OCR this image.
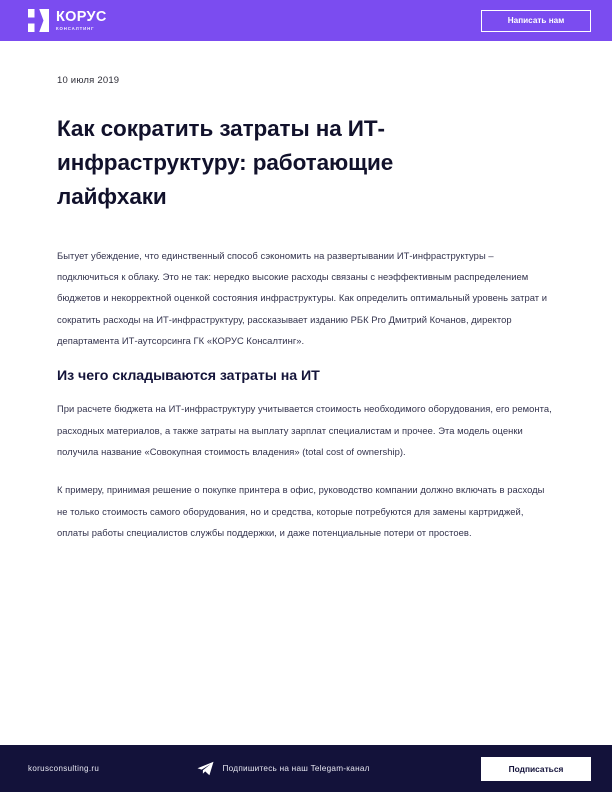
КОРУС
КОНСАЛТИНГ
Написать нам

10 июля 2019

Как сократить затраты на ИТ-инфраструктуру: работающие лайфхаки

Бытует убеждение, что единственный способ сэкономить на развертывании ИТ-инфраструктуры – подключиться к облаку. Это не так: нередко высокие расходы связаны с неэффективным распределением бюджетов и некорректной оценкой состояния инфраструктуры. Как определить оптимальный уровень затрат и сократить расходы на ИТ-инфраструктуру, рассказывает изданию РБК Pro Дмитрий Кочанов, директор департамента ИТ-аутсорсинга ГК «КОРУС Консалтинг».

Из чего складываются затраты на ИТ

При расчете бюджета на ИТ-инфраструктуру учитывается стоимость необходимого оборудования, его ремонта, расходных материалов, а также затраты на выплату зарплат специалистам и прочее. Эта модель оценки получила название «Совокупная стоимость владения» (total cost of ownership).

К примеру, принимая решение о покупке принтера в офис, руководство компании должно включать в расходы не только стоимость самого оборудования, но и средства, которые потребуются для замены картриджей, оплаты работы специалистов службы поддержки, и даже потенциальные потери от простоев.

korusconsulting.ru	Подпишитесь на наш Telegam-канал	Подписаться
